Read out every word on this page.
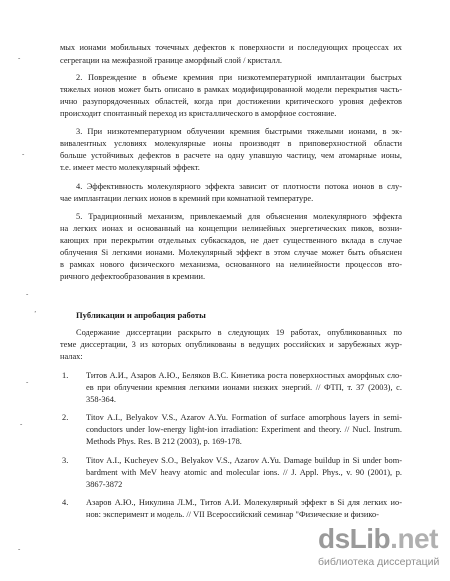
-
-
-
’
-
-
-
мых ионами мобильных точечных дефектов к поверхности и последующих процессах их
сегрегации на межфазной границе аморфный слой / кристалл.
2. Повреждение в объеме кремния при низкотемпературной имплантации быстрых
тяжелых ионов может быть описано в рамках модифицированной модели перекрытия часть-
ично разупорядоченных областей, когда при достижении критического уровня дефектов
происходит спонтанный переход из кристаллического в аморфное состояние.
3. При низкотемпературном облучении кремния быстрыми тяжелыми ионами, в эк-
вивалентных условиях молекулярные ионы производят в приповерхностной области
больше устойчивых дефектов в расчете на одну упавшую частицу, чем атомарные ионы,
т.е. имеет место молекулярный эффект.
4. Эффективность молекулярного эффекта зависит от плотности потока ионов в слу-
чае имплантации легких ионов в кремний при комнатной температуре.
5. Традиционный механизм, привлекаемый для объяснения молекулярного эффекта
на легких ионах и основанный на концепции нелинейных энергетических пиков, возни-
кающих при перекрытии отдельных субкаскадов, не дает существенного вклада в случае
облучения Si легкими ионами. Молекулярный эффект в этом случае может быть объяснен
в рамках нового физического механизма, основанного на нелинейности процессов вто-
ричного дефектообразования в кремнии.
Публикации и апробация работы
Содержание диссертации раскрыто в следующих 19 работах, опубликованных по
теме диссертации, 3 из которых опубликованы в ведущих российских и зарубежных жур-
налах:
1. Титов А.И., Азаров А.Ю., Беляков В.С. Кинетика роста поверхностных аморфных сло-
ев при облучении кремния легкими ионами низких энергий. // ФТП, т. 37 (2003), с.
358-364.
2. Titov A.I., Belyakov V.S., Azarov A.Yu. Formation of surface amorphous layers in semi-
conductors under low-energy light-ion irradiation: Experiment and theory. // Nucl. Instrum.
Methods Phys. Res. B 212 (2003), p. 169-178.
3. Titov A.I., Kucheyev S.O., Belyakov V.S., Azarov A.Yu. Damage buildup in Si under bom-
bardment with MeV heavy atomic and molecular ions. // J. Appl. Phys., v. 90 (2001), p.
3867-3872
4. Азаров А.Ю., Никулина Л.М., Титов А.И. Молекулярный эффект в Si для легких ио-
нов: эксперимент и модель. // VII Всероссийский семинар "Физические и физико-
dsLib.net
библиотека диссертаций
